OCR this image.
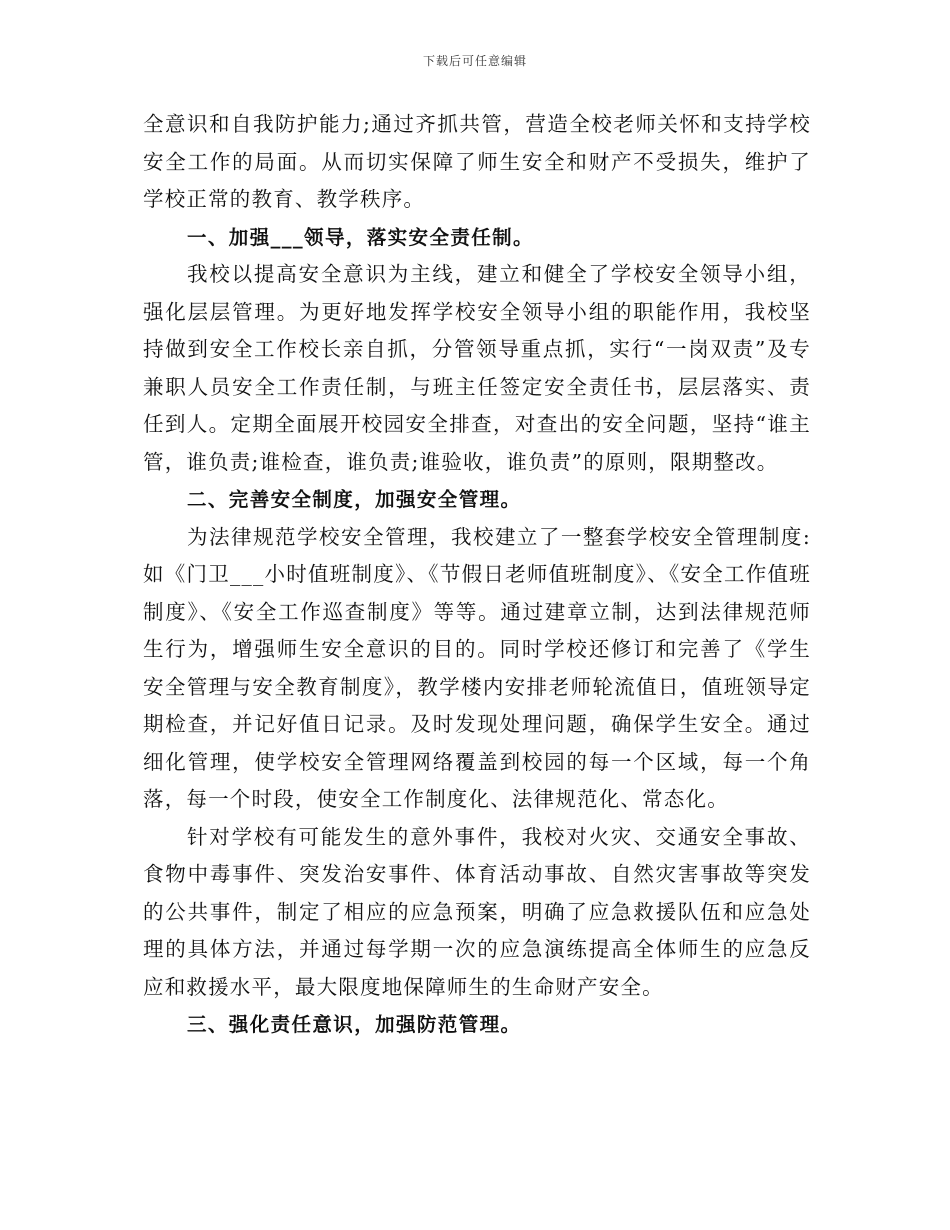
下载后可任意编辑

全意识和自我防护能力;通过齐抓共管，营造全校老师关怀和支持学校安全工作的局面。从而切实保障了师生安全和财产不受损失，维护了学校正常的教育、教学秩序。

一、加强___领导，落实安全责任制。

我校以提高安全意识为主线，建立和健全了学校安全领导小组，强化层层管理。为更好地发挥学校安全领导小组的职能作用，我校坚持做到安全工作校长亲自抓，分管领导重点抓，实行“一岗双责”及专兼职人员安全工作责任制，与班主任签定安全责任书，层层落实、责任到人。定期全面展开校园安全排查，对查出的安全问题，坚持“谁主管，谁负责;谁检查，谁负责;谁验收，谁负责”的原则，限期整改。

二、完善安全制度，加强安全管理。

为法律规范学校安全管理，我校建立了一整套学校安全管理制度:如《门卫___小时值班制度》、《节假日老师值班制度》、《安全工作值班制度》、《安全工作巡查制度》等等。通过建章立制，达到法律规范师生行为，增强师生安全意识的目的。同时学校还修订和完善了《学生安全管理与安全教育制度》，教学楼内安排老师轮流值日，值班领导定期检查，并记好值日记录。及时发现处理问题，确保学生安全。通过细化管理，使学校安全管理网络覆盖到校园的每一个区域，每一个角落，每一个时段，使安全工作制度化、法律规范化、常态化。

针对学校有可能发生的意外事件，我校对火灾、交通安全事故、食物中毒事件、突发治安事件、体育活动事故、自然灾害事故等突发的公共事件，制定了相应的应急预案，明确了应急救援队伍和应急处理的具体方法，并通过每学期一次的应急演练提高全体师生的应急反应和救援水平，最大限度地保障师生的生命财产安全。

三、强化责任意识，加强防范管理。
